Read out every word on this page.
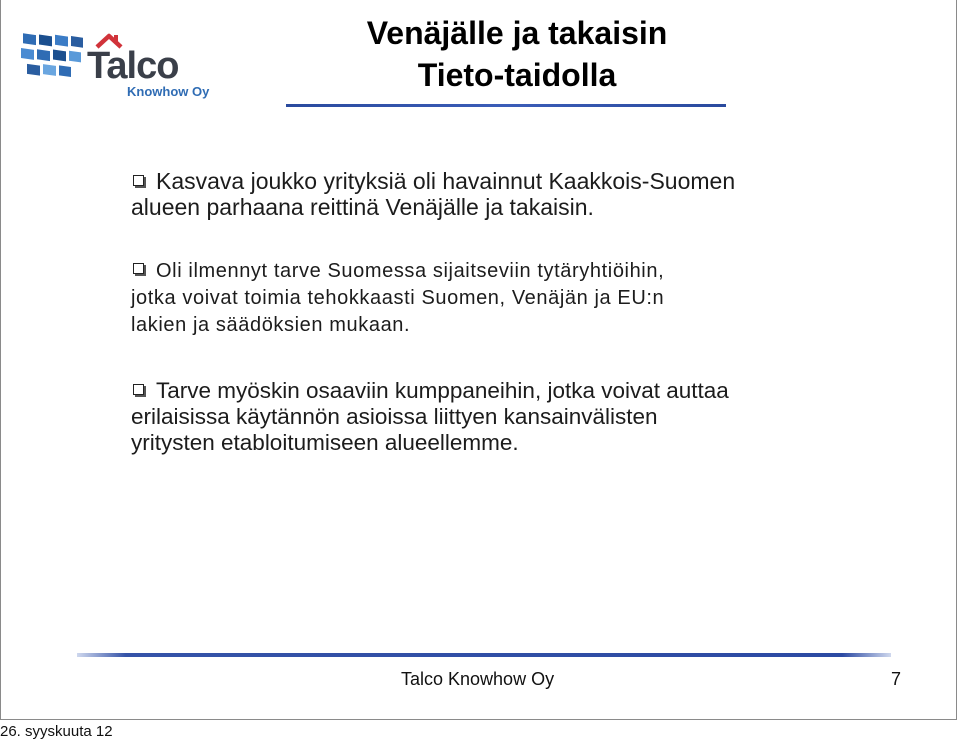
Talco
Knowhow Oy
Venäjälle ja takaisin
Tieto-taidolla
Kasvava joukko yrityksiä oli havainnut Kaakkois-Suomen
alueen parhaana reittinä Venäjälle ja takaisin.
Oli ilmennyt tarve Suomessa sijaitseviin tytäryhtiöihin,
jotka voivat toimia tehokkaasti Suomen, Venäjän ja EU:n
lakien ja säädöksien mukaan.
Tarve myöskin osaaviin kumppaneihin, jotka voivat auttaa
erilaisissa käytännön asioissa liittyen kansainvälisten
yritysten etabloitumiseen alueellemme.
Talco Knowhow Oy	7
26. syyskuuta 12
